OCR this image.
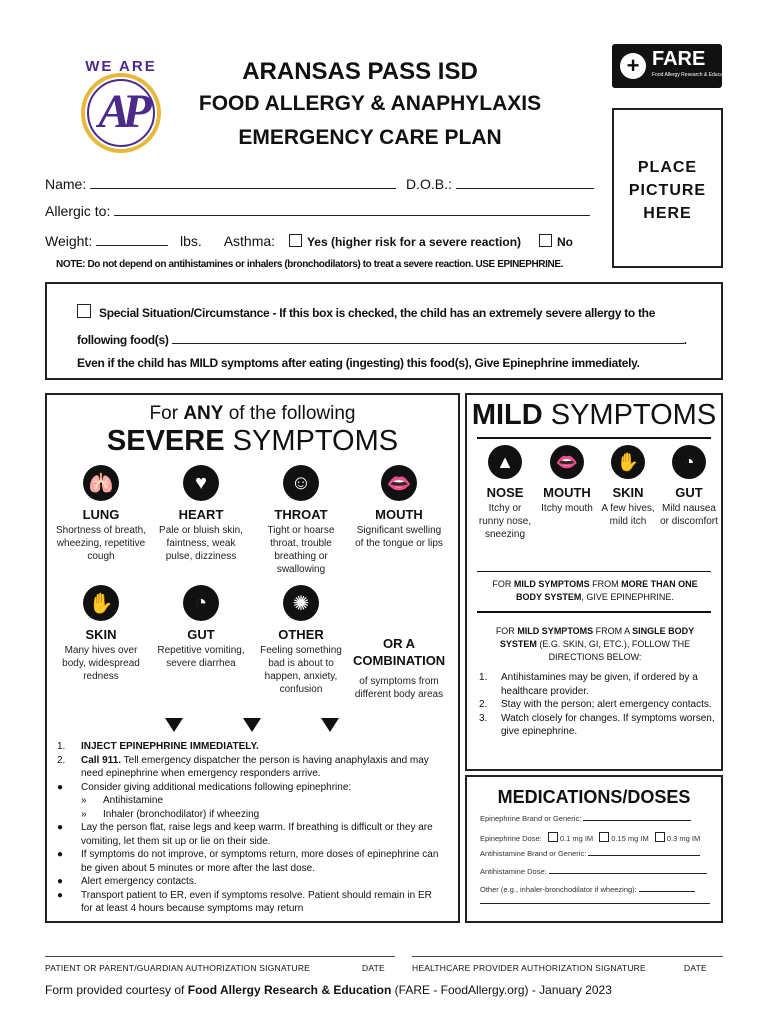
WE ARE
AP
ARANSAS PASS ISD
FOOD ALLERGY & ANAPHYLAXIS
EMERGENCY CARE PLAN
+ FARE
Food Allergy Research & Education
PLACE
PICTURE
HERE
Name:	D.O.B.:
Allergic to:
Weight:	lbs. Asthma:	Yes (higher risk for a severe reaction)	No
NOTE: Do not depend on antihistamines or inhalers (bronchodilators) to treat a severe reaction. USE EPINEPHRINE.
Special Situation/Circumstance - If this box is checked, the child has an extremely severe allergy to the
following food(s)	.
Even if the child has MILD symptoms after eating (ingesting) this food(s), Give Epinephrine immediately.
For ANY of the following
SEVERE SYMPTOMS
🫁
LUNG
Shortness of breath, wheezing, repetitive cough
♥
HEART
Pale or bluish skin, faintness, weak pulse, dizziness
☺
THROAT
Tight or hoarse throat, trouble breathing or swallowing
👄
MOUTH
Significant swelling of the tongue or lips
✋
SKIN
Many hives over body, widespread redness
◔
GUT
Repetitive vomiting, severe diarrhea
✺
OTHER
Feeling something bad is about to happen, anxiety, confusion
OR A COMBINATION
of symptoms from different body areas
1. INJECT EPINEPHRINE IMMEDIATELY.
2. Call 911. Tell emergency dispatcher the person is having anaphylaxis and may need epinephrine when emergency responders arrive.
● Consider giving additional medications following epinephrine:
» Antihistamine
» Inhaler (bronchodilator) if wheezing
● Lay the person flat, raise legs and keep warm. If breathing is difficult or they are vomiting, let them sit up or lie on their side.
● If symptoms do not improve, or symptoms return, more doses of epinephrine can be given about 5 minutes or more after the last dose.
● Alert emergency contacts.
● Transport patient to ER, even if symptoms resolve. Patient should remain in ER for at least 4 hours because symptoms may return
MILD SYMPTOMS
▲
NOSE
Itchy or runny nose, sneezing
👄
MOUTH
Itchy mouth
✋
SKIN
A few hives, mild itch
◔
GUT
Mild nausea or discomfort
FOR MILD SYMPTOMS FROM MORE THAN ONE BODY SYSTEM, GIVE EPINEPHRINE.
FOR MILD SYMPTOMS FROM A SINGLE BODY SYSTEM (E.G. SKIN, GI, ETC.), FOLLOW THE DIRECTIONS BELOW:
1. Antihistamines may be given, if ordered by a healthcare provider.
2. Stay with the person; alert emergency contacts.
3. Watch closely for changes. If symptoms worsen, give epinephrine.
MEDICATIONS/DOSES
Epinephrine Brand or Generic:
Epinephrine Dose: 0.1 mg IM 0.15 mg IM 0.3 mg IM
Antihistamine Brand or Generic:
Antihistamine Dose:
Other (e.g., inhaler-bronchodilator if wheezing):
PATIENT OR PARENT/GUARDIAN AUTHORIZATION SIGNATURE	DATE	HEALTHCARE PROVIDER AUTHORIZATION SIGNATURE	DATE
Form provided courtesy of Food Allergy Research & Education (FARE - FoodAllergy.org) - January 2023
